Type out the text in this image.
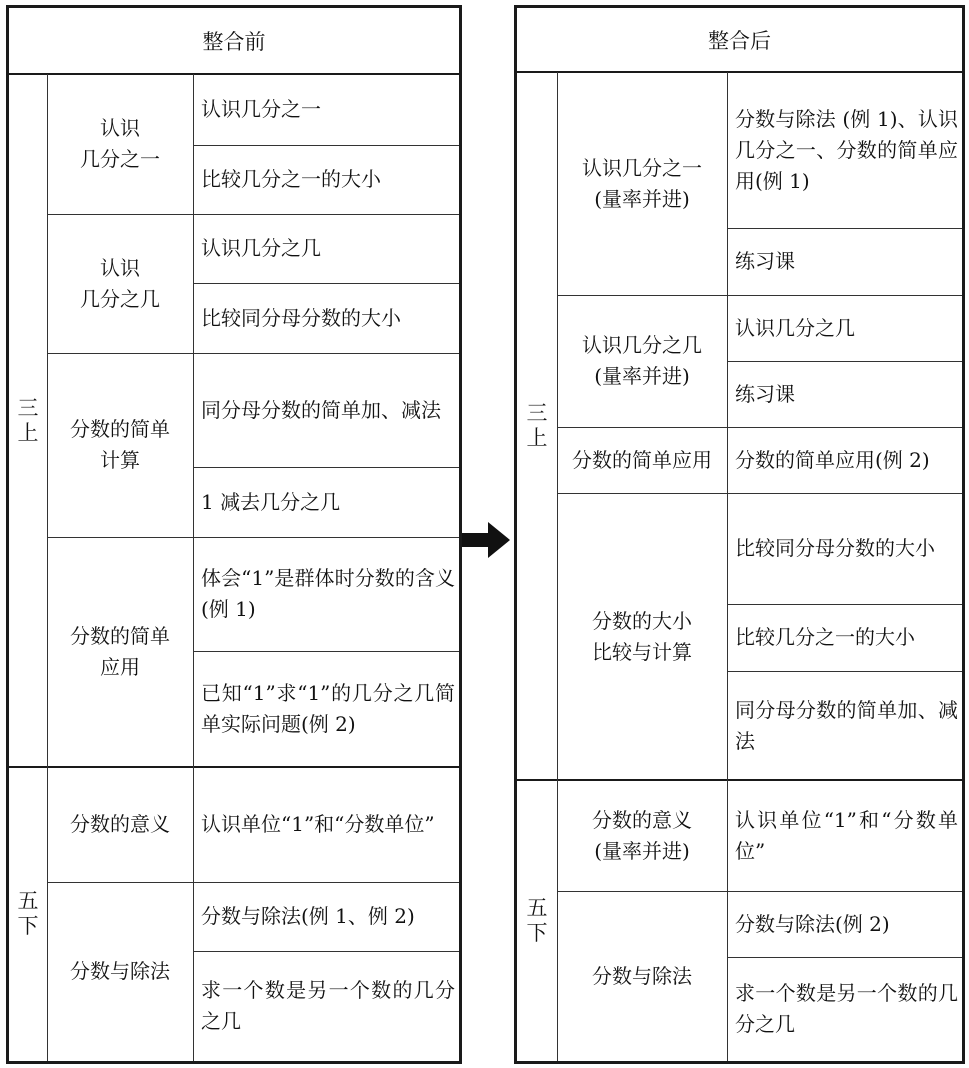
整合前
三上
五下
认识
几分之一
认识几分之一
比较几分之一的大小
认识
几分之几
认识几分之几
比较同分母分数的大小
分数的简单
计算
同分母分数的简单加、减法
1 减去几分之几
分数的简单
应用
体会“1”是群体时分数的含义(例 1)
已知“1”求“1”的几分之几简单实际问题(例 2)
分数的意义 认识单位“1”和“分数单位”
分数与除法
分数与除法(例 1、例 2)
求一个数是另一个数的几分之几
整合后
三上
五下
认识几分之一
(量率并进)
分数与除法 (例 1)、认识几分之一、分数的简单应用(例 1)
练习课
认识几分之几
(量率并进)
认识几分之几
练习课
分数的简单应用 分数的简单应用(例 2)
分数的大小
比较与计算
比较同分母分数的大小
比较几分之一的大小
同分母分数的简单加、减法
分数的意义
(量率并进)
认识单位“1”和“分数单位”
分数与除法
分数与除法(例 2)
求一个数是另一个数的几分之几
